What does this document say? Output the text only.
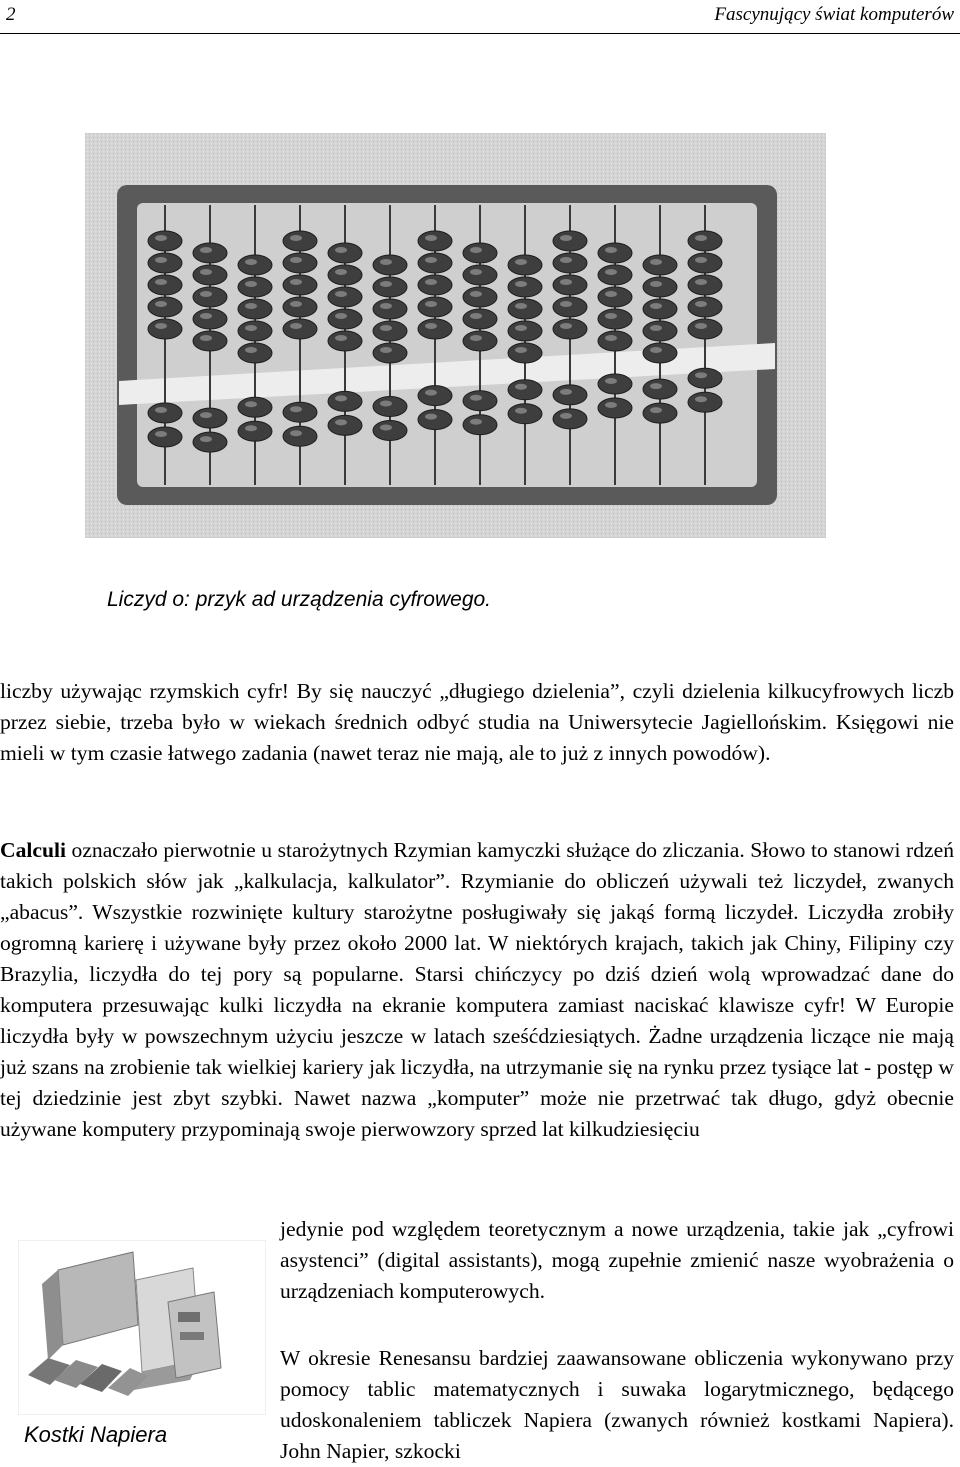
2	Fascynujący świat komputerów
Liczyd o: przyk ad urządzenia cyfrowego.

liczby używając rzymskich cyfr! By się nauczyć „długiego dzielenia”, czyli dzielenia kilkucyfrowych liczb przez siebie, trzeba było w wiekach średnich odbyć studia na Uniwersytecie Jagiellońskim. Księgowi nie mieli w tym czasie łatwego zadania (nawet teraz nie mają, ale to już z innych powodów).

Calculi oznaczało pierwotnie u starożytnych Rzymian kamyczki służące do zliczania. Słowo to stanowi rdzeń takich polskich słów jak „kalkulacja, kalkulator”. Rzymianie do obliczeń używali też liczydeł, zwanych „abacus”. Wszystkie rozwinięte kultury starożytne posługiwały się jakąś formą liczydeł. Liczydła zrobiły ogromną karierę i używane były przez około 2000 lat. W niektórych krajach, takich jak Chiny, Filipiny czy Brazylia, liczydła do tej pory są popularne. Starsi chińczycy po dziś dzień wolą wprowadzać dane do komputera przesuwając kulki liczydła na ekranie komputera zamiast naciskać klawisze cyfr! W Europie liczydła były w powszechnym użyciu jeszcze w latach sześćdziesiątych. Żadne urządzenia liczące nie mają już szans na zrobienie tak wielkiej kariery jak liczydła, na utrzymanie się na rynku przez tysiące lat - postęp w tej dziedzinie jest zbyt szybki. Nawet nazwa „komputer” może nie przetrwać tak długo, gdyż obecnie używane komputery przypominają swoje pierwowzory sprzed lat kilkudziesięciu

jedynie pod względem teoretycznym a nowe urządzenia, takie jak „cyfrowi asystenci” (digital assistants), mogą zupełnie zmienić nasze wyobrażenia o urządzeniach komputerowych.

Kostki Napiera

W okresie Renesansu bardziej zaawansowane obliczenia wykonywano przy pomocy tablic matematycznych i suwaka logarytmicznego, będącego udoskonaleniem tabliczek Napiera (zwanych również kostkami Napiera). John Napier, szkocki
